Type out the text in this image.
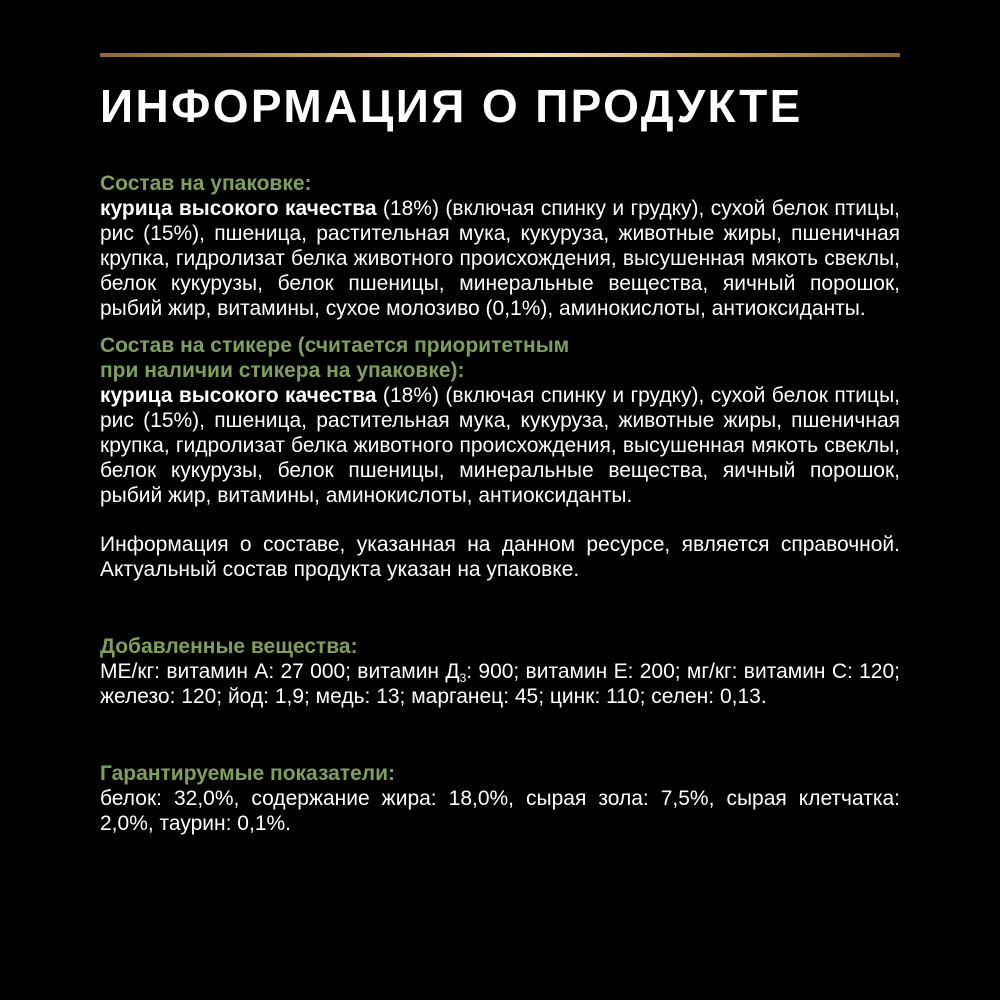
ИНФОРМАЦИЯ О ПРОДУКТЕ

Состав на упаковке:

курица высокого качества (18%) (включая спинку и грудку), сухой белок птицы, рис (15%), пшеница, растительная мука, кукуруза, животные жиры, пшеничная крупка, гидролизат белка животного происхождения, высушенная мякоть свеклы, белок кукурузы, белок пшеницы, минеральные вещества, яичный порошок, рыбий жир, витамины, сухое молозиво (0,1%), аминокислоты, антиоксиданты.

Состав на стикере (считается приоритетным
при наличии стикера на упаковке):

курица высокого качества (18%) (включая спинку и грудку), сухой белок птицы, рис (15%), пшеница, растительная мука, кукуруза, животные жиры, пшеничная крупка, гидролизат белка животного происхождения, высушенная мякоть свеклы, белок кукурузы, белок пшеницы, минеральные вещества, яичный порошок, рыбий жир, витамины, аминокислоты, антиоксиданты.

Информация о составе, указанная на данном ресурсе, является справочной. Актуальный состав продукта указан на упаковке.

Добавленные вещества:

МЕ/кг: витамин А: 27 000; витамин $Д_3$: 900; витамин Е: 200; мг/кг: витамин С: 120; железо: 120; йод: 1,9; медь: 13; марганец: 45; цинк: 110; селен: 0,13.

Гарантируемые показатели:

белок: 32,0%, содержание жира: 18,0%, сырая зола: 7,5%, сырая клетчатка: 2,0%, таурин: 0,1%.
